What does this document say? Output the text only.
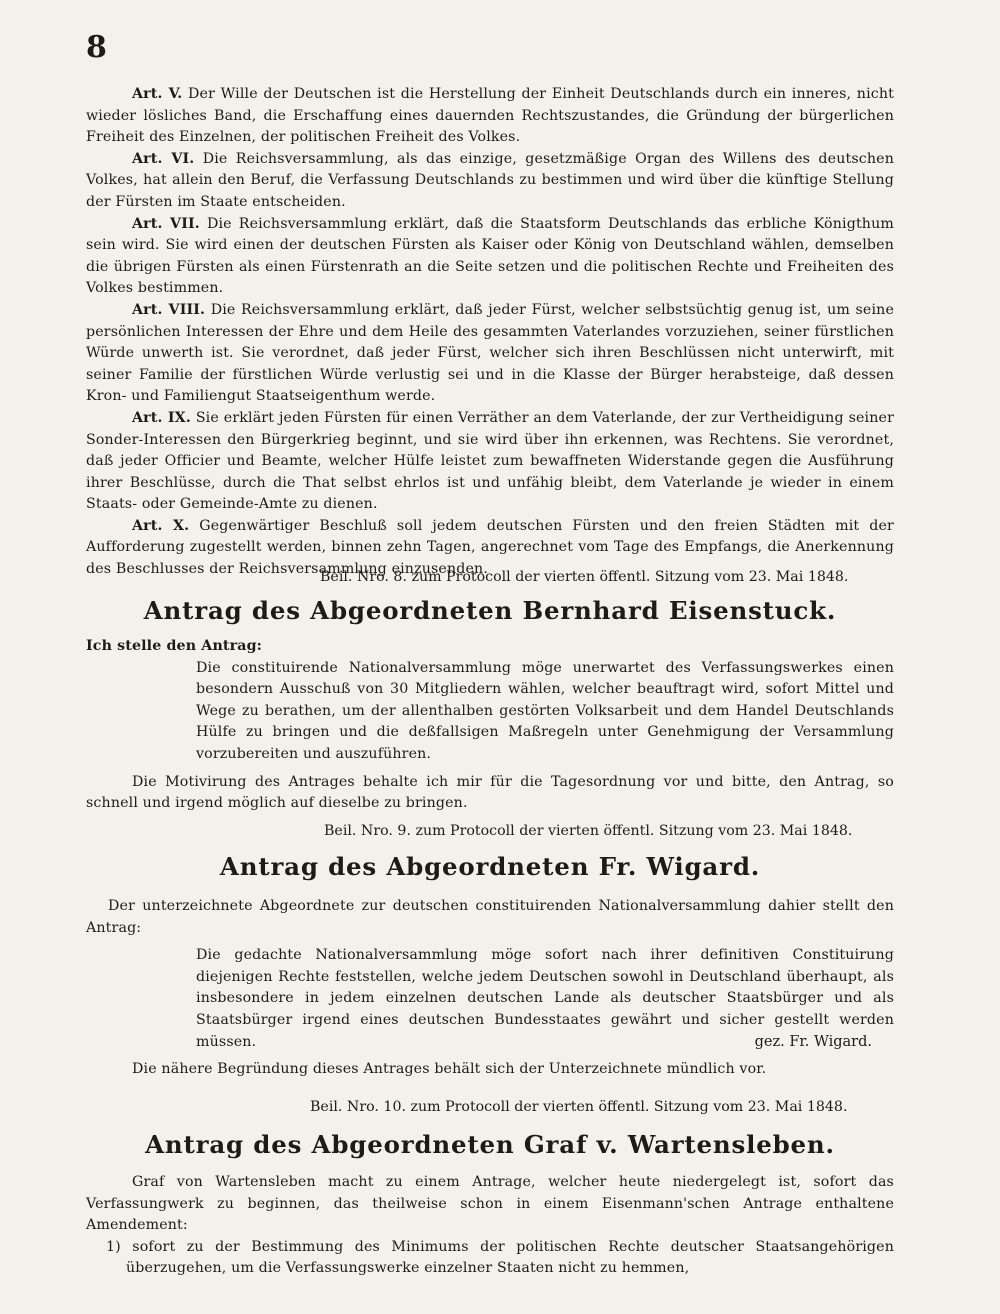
8

Art. V. Der Wille der Deutschen ist die Herstellung der Einheit Deutschlands durch ein inneres, nicht wieder lösliches Band, die Erschaffung eines dauernden Rechtszustandes, die Gründung der bürgerlichen Freiheit des Einzelnen, der politischen Freiheit des Volkes.

Art. VI. Die Reichsversammlung, als das einzige, gesetzmäßige Organ des Willens des deutschen Volkes, hat allein den Beruf, die Verfassung Deutschlands zu bestimmen und wird über die künftige Stellung der Fürsten im Staate entscheiden.

Art. VII. Die Reichsversammlung erklärt, daß die Staatsform Deutschlands das erbliche Königthum sein wird. Sie wird einen der deutschen Fürsten als Kaiser oder König von Deutschland wählen, demselben die übrigen Fürsten als einen Fürstenrath an die Seite setzen und die politischen Rechte und Freiheiten des Volkes bestimmen.

Art. VIII. Die Reichsversammlung erklärt, daß jeder Fürst, welcher selbstsüchtig genug ist, um seine persönlichen Interessen der Ehre und dem Heile des gesammten Vaterlandes vorzuziehen, seiner fürstlichen Würde unwerth ist. Sie verordnet, daß jeder Fürst, welcher sich ihren Beschlüssen nicht unterwirft, mit seiner Familie der fürstlichen Würde verlustig sei und in die Klasse der Bürger herabsteige, daß dessen Kron- und Familiengut Staatseigenthum werde.

Art. IX. Sie erklärt jeden Fürsten für einen Verräther an dem Vaterlande, der zur Vertheidigung seiner Sonder-Interessen den Bürgerkrieg beginnt, und sie wird über ihn erkennen, was Rechtens. Sie verordnet, daß jeder Officier und Beamte, welcher Hülfe leistet zum bewaffneten Widerstande gegen die Ausführung ihrer Beschlüsse, durch die That selbst ehrlos ist und unfähig bleibt, dem Vaterlande je wieder in einem Staats- oder Gemeinde-Amte zu dienen.

Art. X. Gegenwärtiger Beschluß soll jedem deutschen Fürsten und den freien Städten mit der Aufforderung zugestellt werden, binnen zehn Tagen, angerechnet vom Tage des Empfangs, die Anerkennung des Beschlusses der Reichsversammlung einzusenden.

Beil. Nro. 8. zum Protocoll der vierten öffentl. Sitzung vom 23. Mai 1848.
Antrag des Abgeordneten Bernhard Eisenstuck.

Ich stelle den Antrag:

Die constituirende Nationalversammlung möge unerwartet des Verfassungswerkes einen besondern Ausschuß von 30 Mitgliedern wählen, welcher beauftragt wird, sofort Mittel und Wege zu berathen, um der allenthalben gestörten Volksarbeit und dem Handel Deutschlands Hülfe zu bringen und die deßfallsigen Maßregeln unter Genehmigung der Versammlung vorzubereiten und auszuführen.

Die Motivirung des Antrages behalte ich mir für die Tagesordnung vor und bitte, den Antrag, so schnell und irgend möglich auf dieselbe zu bringen.

Beil. Nro. 9. zum Protocoll der vierten öffentl. Sitzung vom 23. Mai 1848.
Antrag des Abgeordneten Fr. Wigard.

Der unterzeichnete Abgeordnete zur deutschen constituirenden Nationalversammlung dahier stellt den Antrag:

Die gedachte Nationalversammlung möge sofort nach ihrer definitiven Constituirung diejenigen Rechte feststellen, welche jedem Deutschen sowohl in Deutschland überhaupt, als insbesondere in jedem einzelnen deutschen Lande als deutscher Staatsbürger und als Staatsbürger irgend eines deutschen Bundesstaates gewährt und sicher gestellt werden müssen.

Die nähere Begründung dieses Antrages behält sich der Unterzeichnete mündlich vor.

gez. Fr. Wigard.
Beil. Nro. 10. zum Protocoll der vierten öffentl. Sitzung vom 23. Mai 1848.
Antrag des Abgeordneten Graf v. Wartensleben.

Graf von Wartensleben macht zu einem Antrage, welcher heute niedergelegt ist, sofort das Verfassungwerk zu beginnen, das theilweise schon in einem Eisenmann'schen Antrage enthaltene Amendement:

1) sofort zu der Bestimmung des Minimums der politischen Rechte deutscher Staatsangehörigen überzugehen, um die Verfassungswerke einzelner Staaten nicht zu hemmen,
